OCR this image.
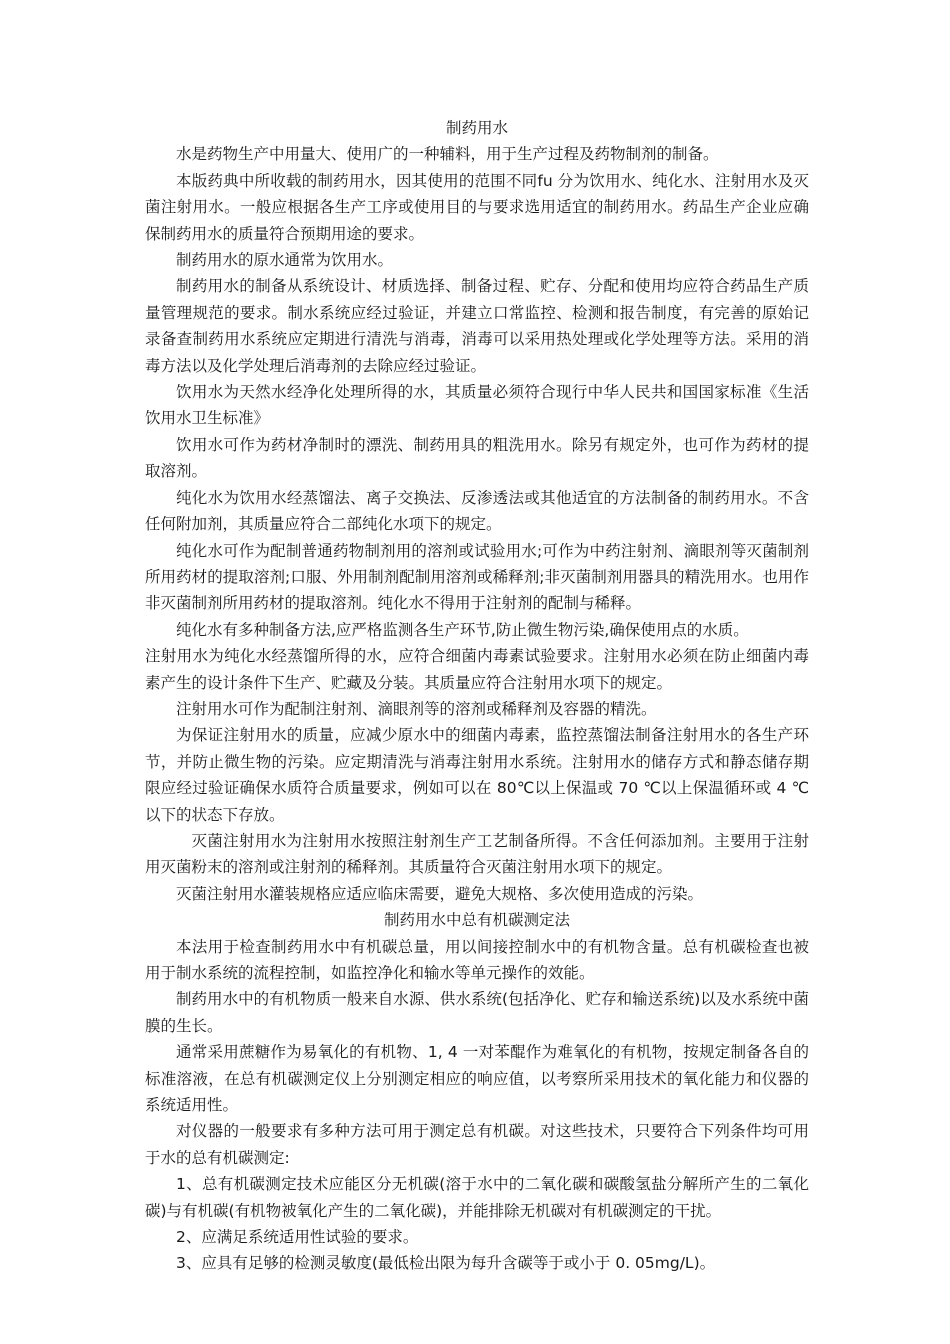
制药用水

水是药物生产中用量大、使用广的一种辅料，用于生产过程及药物制剂的制备。

本版药典中所收载的制药用水，因其使用的范围不同fu 分为饮用水、纯化水、注射用水及灭菌注射用水。一般应根据各生产工序或使用目的与要求选用适宜的制药用水。药品生产企业应确保制药用水的质量符合预期用途的要求。

制药用水的原水通常为饮用水。

制药用水的制备从系统设计、材质选择、制备过程、贮存、分配和使用均应符合药品生产质量管理规范的要求。制水系统应经过验证，并建立口常监控、检测和报告制度，有完善的原始记录备查制药用水系统应定期进行清洗与消毒，消毒可以采用热处理或化学处理等方法。采用的消毒方法以及化学处理后消毒剂的去除应经过验证。

饮用水为天然水经净化处理所得的水，其质量必须符合现行中华人民共和国国家标准《生活饮用水卫生标准》

饮用水可作为药材净制时的漂洗、制药用具的粗洗用水。除另有规定外，也可作为药材的提取溶剂。

纯化水为饮用水经蒸馏法、离子交换法、反渗透法或其他适宜的方法制备的制药用水。不含任何附加剂，其质量应符合二部纯化水项下的规定。

纯化水可作为配制普通药物制剂用的溶剂或试验用水;可作为中药注射剂、滴眼剂等灭菌制剂所用药材的提取溶剂;口服、外用制剂配制用溶剂或稀释剂;非灭菌制剂用器具的精洗用水。也用作非灭菌制剂所用药材的提取溶剂。纯化水不得用于注射剂的配制与稀释。

纯化水有多种制备方法,应严格监测各生产环节,防止微生物污染,确保使用点的水质。

注射用水为纯化水经蒸馏所得的水，应符合细菌内毒素试验要求。注射用水必须在防止细菌内毒素产生的设计条件下生产、贮藏及分装。其质量应符合注射用水项下的规定。

注射用水可作为配制注射剂、滴眼剂等的溶剂或稀释剂及容器的精洗。

为保证注射用水的质量，应减少原水中的细菌内毒素，监控蒸馏法制备注射用水的各生产环节，并防止微生物的污染。应定期清洗与消毒注射用水系统。注射用水的储存方式和静态储存期限应经过验证确保水质符合质量要求，例如可以在 80℃以上保温或 70 ℃以上保温循环或 4 ℃以下的状态下存放。

灭菌注射用水为注射用水按照注射剂生产工艺制备所得。不含任何添加剂。主要用于注射用灭菌粉末的溶剂或注射剂的稀释剂。其质量符合灭菌注射用水项下的规定。

灭菌注射用水灌装规格应适应临床需要，避免大规格、多次使用造成的污染。

制药用水中总有机碳测定法

本法用于检查制药用水中有机碳总量，用以间接控制水中的有机物含量。总有机碳检查也被用于制水系统的流程控制，如监控净化和输水等单元操作的效能。

制药用水中的有机物质一般来自水源、供水系统(包括净化、贮存和输送系统)以及水系统中菌膜的生长。

通常采用蔗糖作为易氧化的有机物、1, 4 一对苯醌作为难氧化的有机物，按规定制备各自的标准溶液，在总有机碳测定仪上分别测定相应的响应值，以考察所采用技术的氧化能力和仪器的系统适用性。

对仪器的一般要求有多种方法可用于测定总有机碳。对这些技术，只要符合下列条件均可用于水的总有机碳测定:

1、总有机碳测定技术应能区分无机碳(溶于水中的二氧化碳和碳酸氢盐分解所产生的二氧化碳)与有机碳(有机物被氧化产生的二氧化碳)，并能排除无机碳对有机碳测定的干扰。

2、应满足系统适用性试验的要求。

3、应具有足够的检测灵敏度(最低检出限为每升含碳等于或小于 0. 05mg/L)。
